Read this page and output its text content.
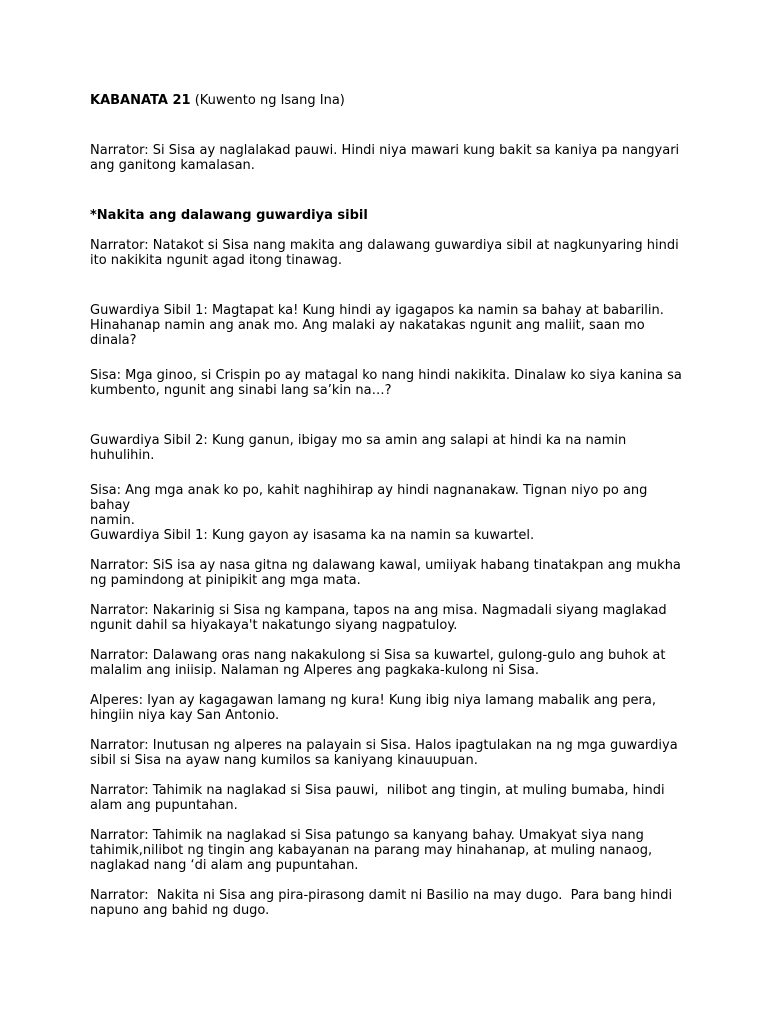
KABANATA 21 (Kuwento ng Isang Ina)

Narrator: Si Sisa ay naglalakad pauwi. Hindi niya mawari kung bakit sa kaniya pa nangyari
ang ganitong kamalasan.

*Nakita ang dalawang guwardiya sibil

Narrator: Natakot si Sisa nang makita ang dalawang guwardiya sibil at nagkunyaring hindi
ito nakikita ngunit agad itong tinawag.

Guwardiya Sibil 1: Magtapat ka! Kung hindi ay igagapos ka namin sa bahay at babarilin.
Hinahanap namin ang anak mo. Ang malaki ay nakatakas ngunit ang maliit, saan mo dinala?

Sisa: Mga ginoo, si Crispin po ay matagal ko nang hindi nakikita. Dinalaw ko siya kanina sa
kumbento, ngunit ang sinabi lang sa’kin na…?

Guwardiya Sibil 2: Kung ganun, ibigay mo sa amin ang salapi at hindi ka na namin huhulihin.

Sisa: Ang mga anak ko po, kahit naghihirap ay hindi nagnanakaw. Tignan niyo po ang bahay
namin.

Guwardiya Sibil 1: Kung gayon ay isasama ka na namin sa kuwartel.

Narrator: SiS isa ay nasa gitna ng dalawang kawal, umiiyak habang tinatakpan ang mukha
ng pamindong at pinipikit ang mga mata.

Narrator: Nakarinig si Sisa ng kampana, tapos na ang misa. Nagmadali siyang maglakad
ngunit dahil sa hiyakaya't nakatungo siyang nagpatuloy.

Narrator: Dalawang oras nang nakakulong si Sisa sa kuwartel, gulong-gulo ang buhok at
malalim ang iniisip. Nalaman ng Alperes ang pagkaka-kulong ni Sisa.

Alperes: Iyan ay kagagawan lamang ng kura! Kung ibig niya lamang mabalik ang pera,
hingiin niya kay San Antonio.

Narrator: Inutusan ng alperes na palayain si Sisa. Halos ipagtulakan na ng mga guwardiya
sibil si Sisa na ayaw nang kumilos sa kaniyang kinauupuan.

Narrator: Tahimik na naglakad si Sisa pauwi,  nilibot ang tingin, at muling bumaba, hindi
alam ang pupuntahan.

Narrator: Tahimik na naglakad si Sisa patungo sa kanyang bahay. Umakyat siya nang
tahimik,nilibot ng tingin ang kabayanan na parang may hinahanap, at muling nanaog,
naglakad nang ‘di alam ang pupuntahan.

Narrator:  Nakita ni Sisa ang pira-pirasong damit ni Basilio na may dugo.  Para bang hindi
napuno ang bahid ng dugo.
